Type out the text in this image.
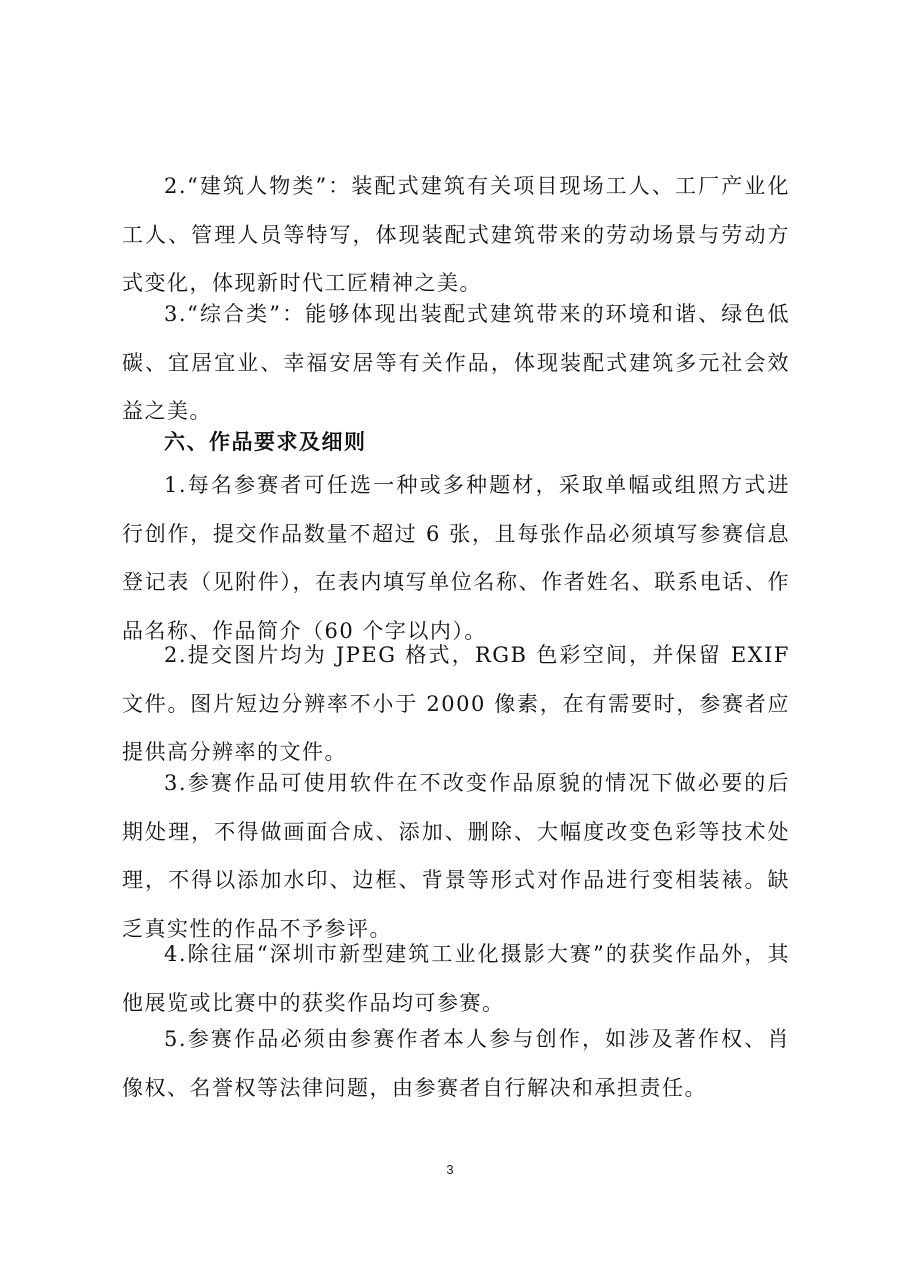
2.“建筑人物类”：装配式建筑有关项目现场工人、工厂产业化工人、管理人员等特写，体现装配式建筑带来的劳动场景与劳动方式变化，体现新时代工匠精神之美。

3.“综合类”：能够体现出装配式建筑带来的环境和谐、绿色低碳、宜居宜业、幸福安居等有关作品，体现装配式建筑多元社会效益之美。

六、作品要求及细则

1.每名参赛者可任选一种或多种题材，采取单幅或组照方式进行创作，提交作品数量不超过 6 张，且每张作品必须填写参赛信息登记表（见附件），在表内填写单位名称、作者姓名、联系电话、作品名称、作品简介（60 个字以内）。

2.提交图片均为 JPEG 格式，RGB 色彩空间，并保留 EXIF 文件。图片短边分辨率不小于 2000 像素，在有需要时，参赛者应提供高分辨率的文件。

3.参赛作品可使用软件在不改变作品原貌的情况下做必要的后期处理，不得做画面合成、添加、删除、大幅度改变色彩等技术处理，不得以添加水印、边框、背景等形式对作品进行变相装裱。缺乏真实性的作品不予参评。

4.除往届“深圳市新型建筑工业化摄影大赛”的获奖作品外，其他展览或比赛中的获奖作品均可参赛。

5.参赛作品必须由参赛作者本人参与创作，如涉及著作权、肖像权、名誉权等法律问题，由参赛者自行解决和承担责任。

3
